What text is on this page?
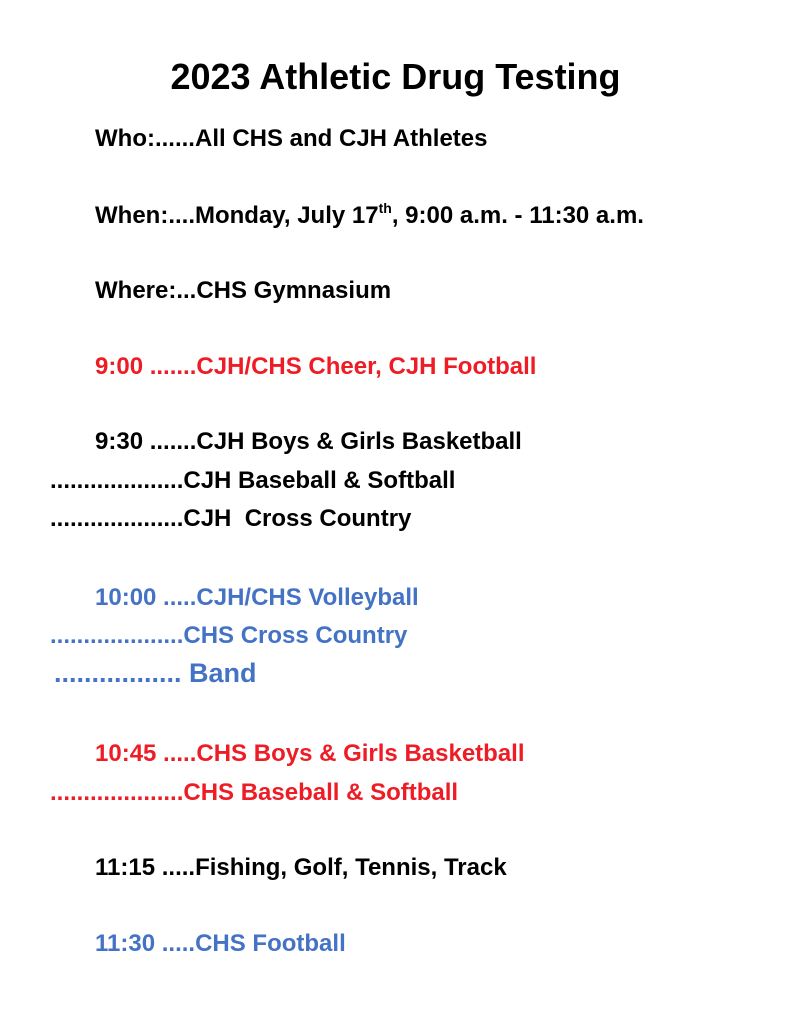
2023 Athletic Drug Testing
Who:......All CHS and CJH Athletes
When:....Monday, July 17th, 9:00 a.m. - 11:30 a.m.
Where:...CHS Gymnasium
9:00 .......CJH/CHS Cheer, CJH Football
9:30 .......CJH Boys & Girls Basketball
....................CJH Baseball & Softball
....................CJH  Cross Country
10:00 .....CJH/CHS Volleyball
....................CHS Cross Country
................. Band
10:45 .....CHS Boys & Girls Basketball
....................CHS Baseball & Softball
11:15 .....Fishing, Golf, Tennis, Track
11:30 .....CHS Football
